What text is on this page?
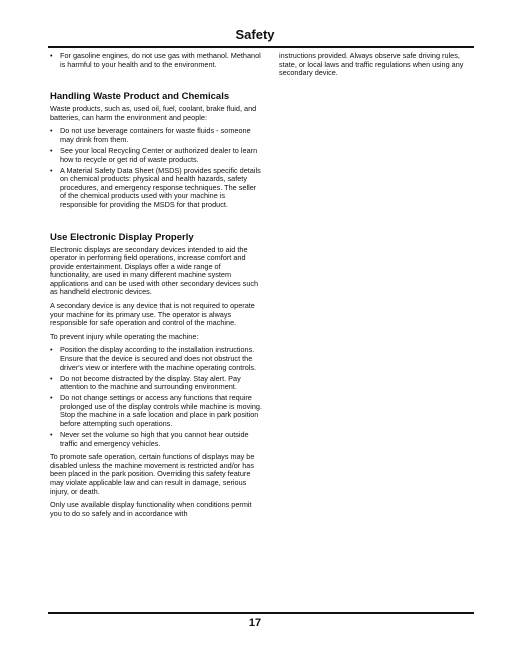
Safety
• For gasoline engines, do not use gas with methanol. Methanol is harmful to your health and to the environment.
Handling Waste Product and Chemicals

Waste products, such as, used oil, fuel, coolant, brake fluid, and batteries, can harm the environment and people:

• Do not use beverage containers for waste fluids - someone may drink from them.
• See your local Recycling Center or authorized dealer to learn how to recycle or get rid of waste products.
• A Material Safety Data Sheet (MSDS) provides specific details on chemical products: physical and health hazards, safety procedures, and emergency response techniques. The seller of the chemical products used with your machine is responsible for providing the MSDS for that product.
Use Electronic Display Properly

Electronic displays are secondary devices intended to aid the operator in performing field operations, increase comfort and provide entertainment. Displays offer a wide range of functionality, are used in many different machine system applications and can be used with other secondary devices such as handheld electronic devices.

A secondary device is any device that is not required to operate your machine for its primary use. The operator is always responsible for safe operation and control of the machine.

To prevent injury while operating the machine:

• Position the display according to the installation instructions. Ensure that the device is secured and does not obstruct the driver's view or interfere with the machine operating controls.
• Do not become distracted by the display. Stay alert. Pay attention to the machine and surrounding environment.
• Do not change settings or access any functions that require prolonged use of the display controls while machine is moving. Stop the machine in a safe location and place in park position before attempting such operations.
• Never set the volume so high that you cannot hear outside traffic and emergency vehicles.

To promote safe operation, certain functions of displays may be disabled unless the machine movement is restricted and/or has been placed in the park position. Overriding this safety feature may violate applicable law and can result in damage, serious injury, or death.

Only use available display functionality when conditions permit you to do so safely and in accordance with

instructions provided. Always observe safe driving rules, state, or local laws and traffic regulations when using any secondary device.

17
